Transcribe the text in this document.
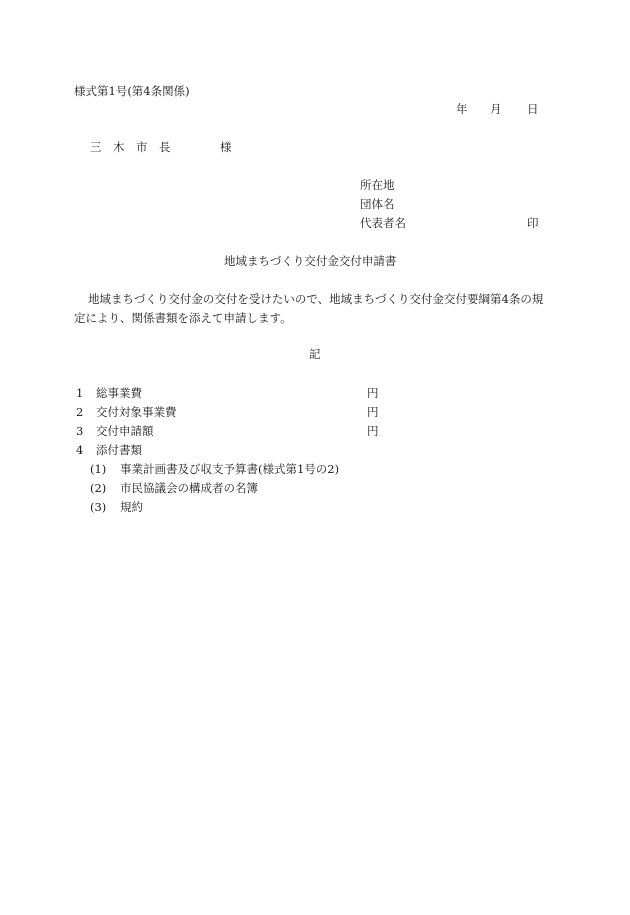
様式第1号(第4条関係)
年 月 日
三　木　市　長	様
所在地
団体名
代表者名	印
地域まちづくり交付金交付申請書
地域まちづくり交付金の交付を受けたいので、地域まちづくり交付金交付要綱第4条の規定により、関係書類を添えて申請します。
記
1 総事業費	円
2 交付対象事業費	円
3 交付申請額	円
4 添付書類
(1) 事業計画書及び収支予算書(様式第1号の2)
(2) 市民協議会の構成者の名簿
(3) 規約
